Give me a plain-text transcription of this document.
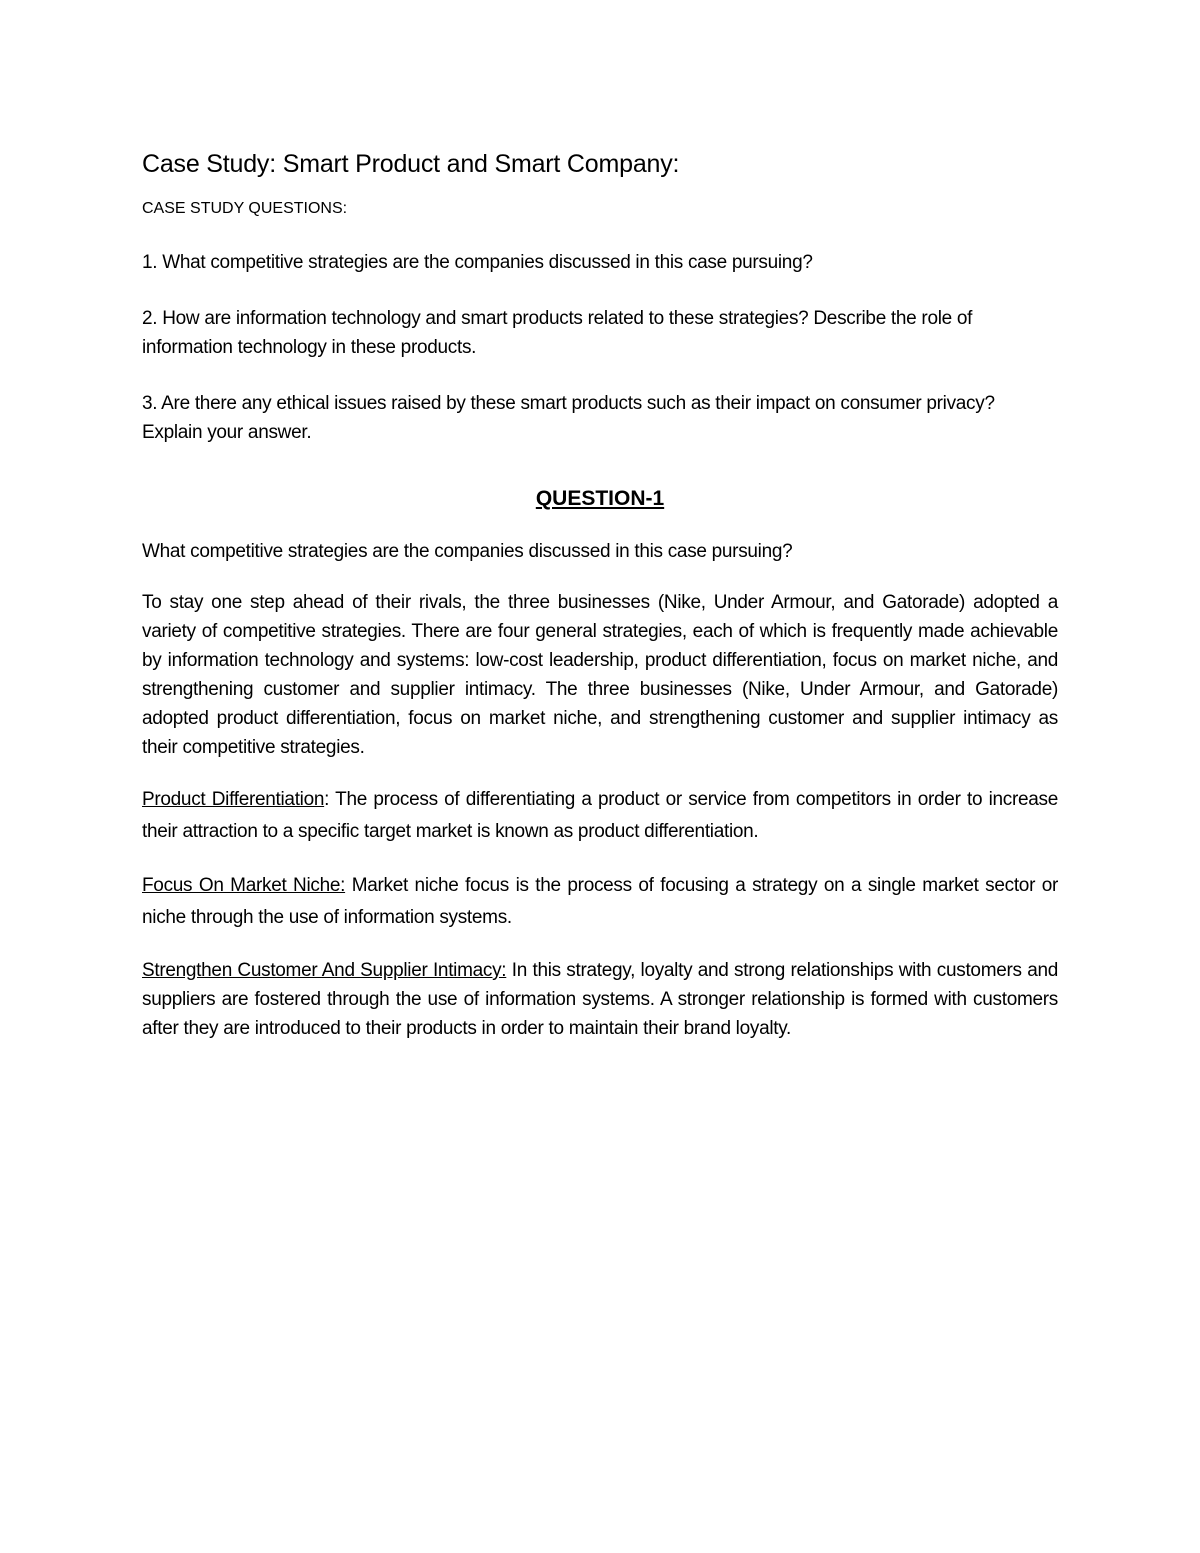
Case Study: Smart Product and Smart Company:
CASE STUDY QUESTIONS:

1. What competitive strategies are the companies discussed in this case pursuing?

2. How are information technology and smart products related to these strategies? Describe the role of information technology in these products.

3. Are there any ethical issues raised by these smart products such as their impact on consumer privacy? Explain your answer.

QUESTION-1

What competitive strategies are the companies discussed in this case pursuing?

To stay one step ahead of their rivals, the three businesses (Nike, Under Armour, and Gatorade) adopted a variety of competitive strategies. There are four general strategies, each of which is frequently made achievable by information technology and systems: low-cost leadership, product differentiation, focus on market niche, and strengthening customer and supplier intimacy. The three businesses (Nike, Under Armour, and Gatorade) adopted product differentiation, focus on market niche, and strengthening customer and supplier intimacy as their competitive strategies.

Product Differentiation: The process of differentiating a product or service from competitors in order to increase their attraction to a specific target market is known as product differentiation.

Focus On Market Niche: Market niche focus is the process of focusing a strategy on a single market sector or niche through the use of information systems.

Strengthen Customer And Supplier Intimacy: In this strategy, loyalty and strong relationships with customers and suppliers are fostered through the use of information systems. A stronger relationship is formed with customers after they are introduced to their products in order to maintain their brand loyalty.
